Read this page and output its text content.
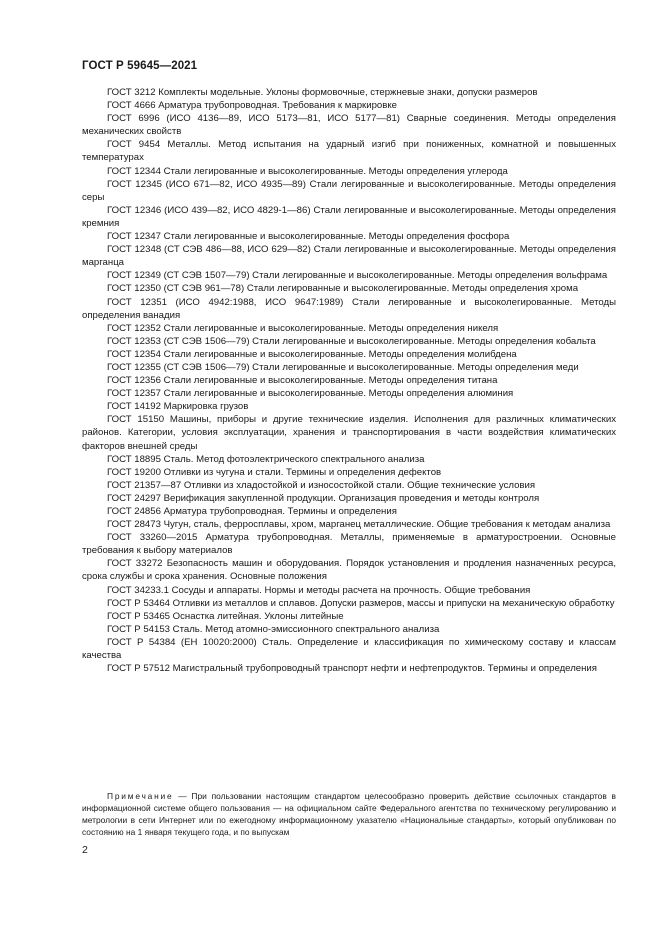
ГОСТ Р 59645—2021

ГОСТ 3212 Комплекты модельные. Уклоны формовочные, стержневые знаки, допуски размеров

ГОСТ 4666 Арматура трубопроводная. Требования к маркировке

ГОСТ 6996 (ИСО 4136—89, ИСО 5173—81, ИСО 5177—81) Сварные соединения. Методы определения механических свойств

ГОСТ 9454 Металлы. Метод испытания на ударный изгиб при пониженных, комнатной и повышенных температурах

ГОСТ 12344 Стали легированные и высоколегированные. Методы определения углерода

ГОСТ 12345 (ИСО 671—82, ИСО 4935—89) Стали легированные и высоколегированные. Методы определения серы

ГОСТ 12346 (ИСО 439—82, ИСО 4829-1—86) Стали легированные и высоколегированные. Методы определения кремния

ГОСТ 12347 Стали легированные и высоколегированные. Методы определения фосфора

ГОСТ 12348 (СТ СЭВ 486—88, ИСО 629—82) Стали легированные и высоколегированные. Методы определения марганца

ГОСТ 12349 (СТ СЭВ 1507—79) Стали легированные и высоколегированные. Методы определения вольфрама

ГОСТ 12350 (СТ СЭВ 961—78) Стали легированные и высоколегированные. Методы определения хрома

ГОСТ 12351 (ИСО 4942:1988, ИСО 9647:1989) Стали легированные и высоколегированные. Методы определения ванадия

ГОСТ 12352 Стали легированные и высоколегированные. Методы определения никеля

ГОСТ 12353 (СТ СЭВ 1506—79) Стали легированные и высоколегированные. Методы определения кобальта

ГОСТ 12354 Стали легированные и высоколегированные. Методы определения молибдена

ГОСТ 12355 (СТ СЭВ 1506—79) Стали легированные и высоколегированные. Методы определения меди

ГОСТ 12356 Стали легированные и высоколегированные. Методы определения титана

ГОСТ 12357 Стали легированные и высоколегированные. Методы определения алюминия

ГОСТ 14192 Маркировка грузов

ГОСТ 15150 Машины, приборы и другие технические изделия. Исполнения для различных климатических районов. Категории, условия эксплуатации, хранения и транспортирования в части воздействия климатических факторов внешней среды

ГОСТ 18895 Сталь. Метод фотоэлектрического спектрального анализа

ГОСТ 19200 Отливки из чугуна и стали. Термины и определения дефектов

ГОСТ 21357—87 Отливки из хладостойкой и износостойкой стали. Общие технические условия

ГОСТ 24297 Верификация закупленной продукции. Организация проведения и методы контроля

ГОСТ 24856 Арматура трубопроводная. Термины и определения

ГОСТ 28473 Чугун, сталь, ферросплавы, хром, марганец металлические. Общие требования к методам анализа

ГОСТ 33260—2015 Арматура трубопроводная. Металлы, применяемые в арматуростроении. Основные требования к выбору материалов

ГОСТ 33272 Безопасность машин и оборудования. Порядок установления и продления назначенных ресурса, срока службы и срока хранения. Основные положения

ГОСТ 34233.1 Сосуды и аппараты. Нормы и методы расчета на прочность. Общие требования

ГОСТ Р 53464 Отливки из металлов и сплавов. Допуски размеров, массы и припуски на механическую обработку

ГОСТ Р 53465 Оснастка литейная. Уклоны литейные

ГОСТ Р 54153 Сталь. Метод атомно-эмиссионного спектрального анализа

ГОСТ Р 54384 (ЕН 10020:2000) Сталь. Определение и классификация по химическому составу и классам качества

ГОСТ Р 57512 Магистральный трубопроводный транспорт нефти и нефтепродуктов. Термины и определения

Примечание — При пользовании настоящим стандартом целесообразно проверить действие ссылочных стандартов в информационной системе общего пользования — на официальном сайте Федерального агентства по техническому регулированию и метрологии в сети Интернет или по ежегодному информационному указателю «Национальные стандарты», который опубликован по состоянию на 1 января текущего года, и по выпускам

2
